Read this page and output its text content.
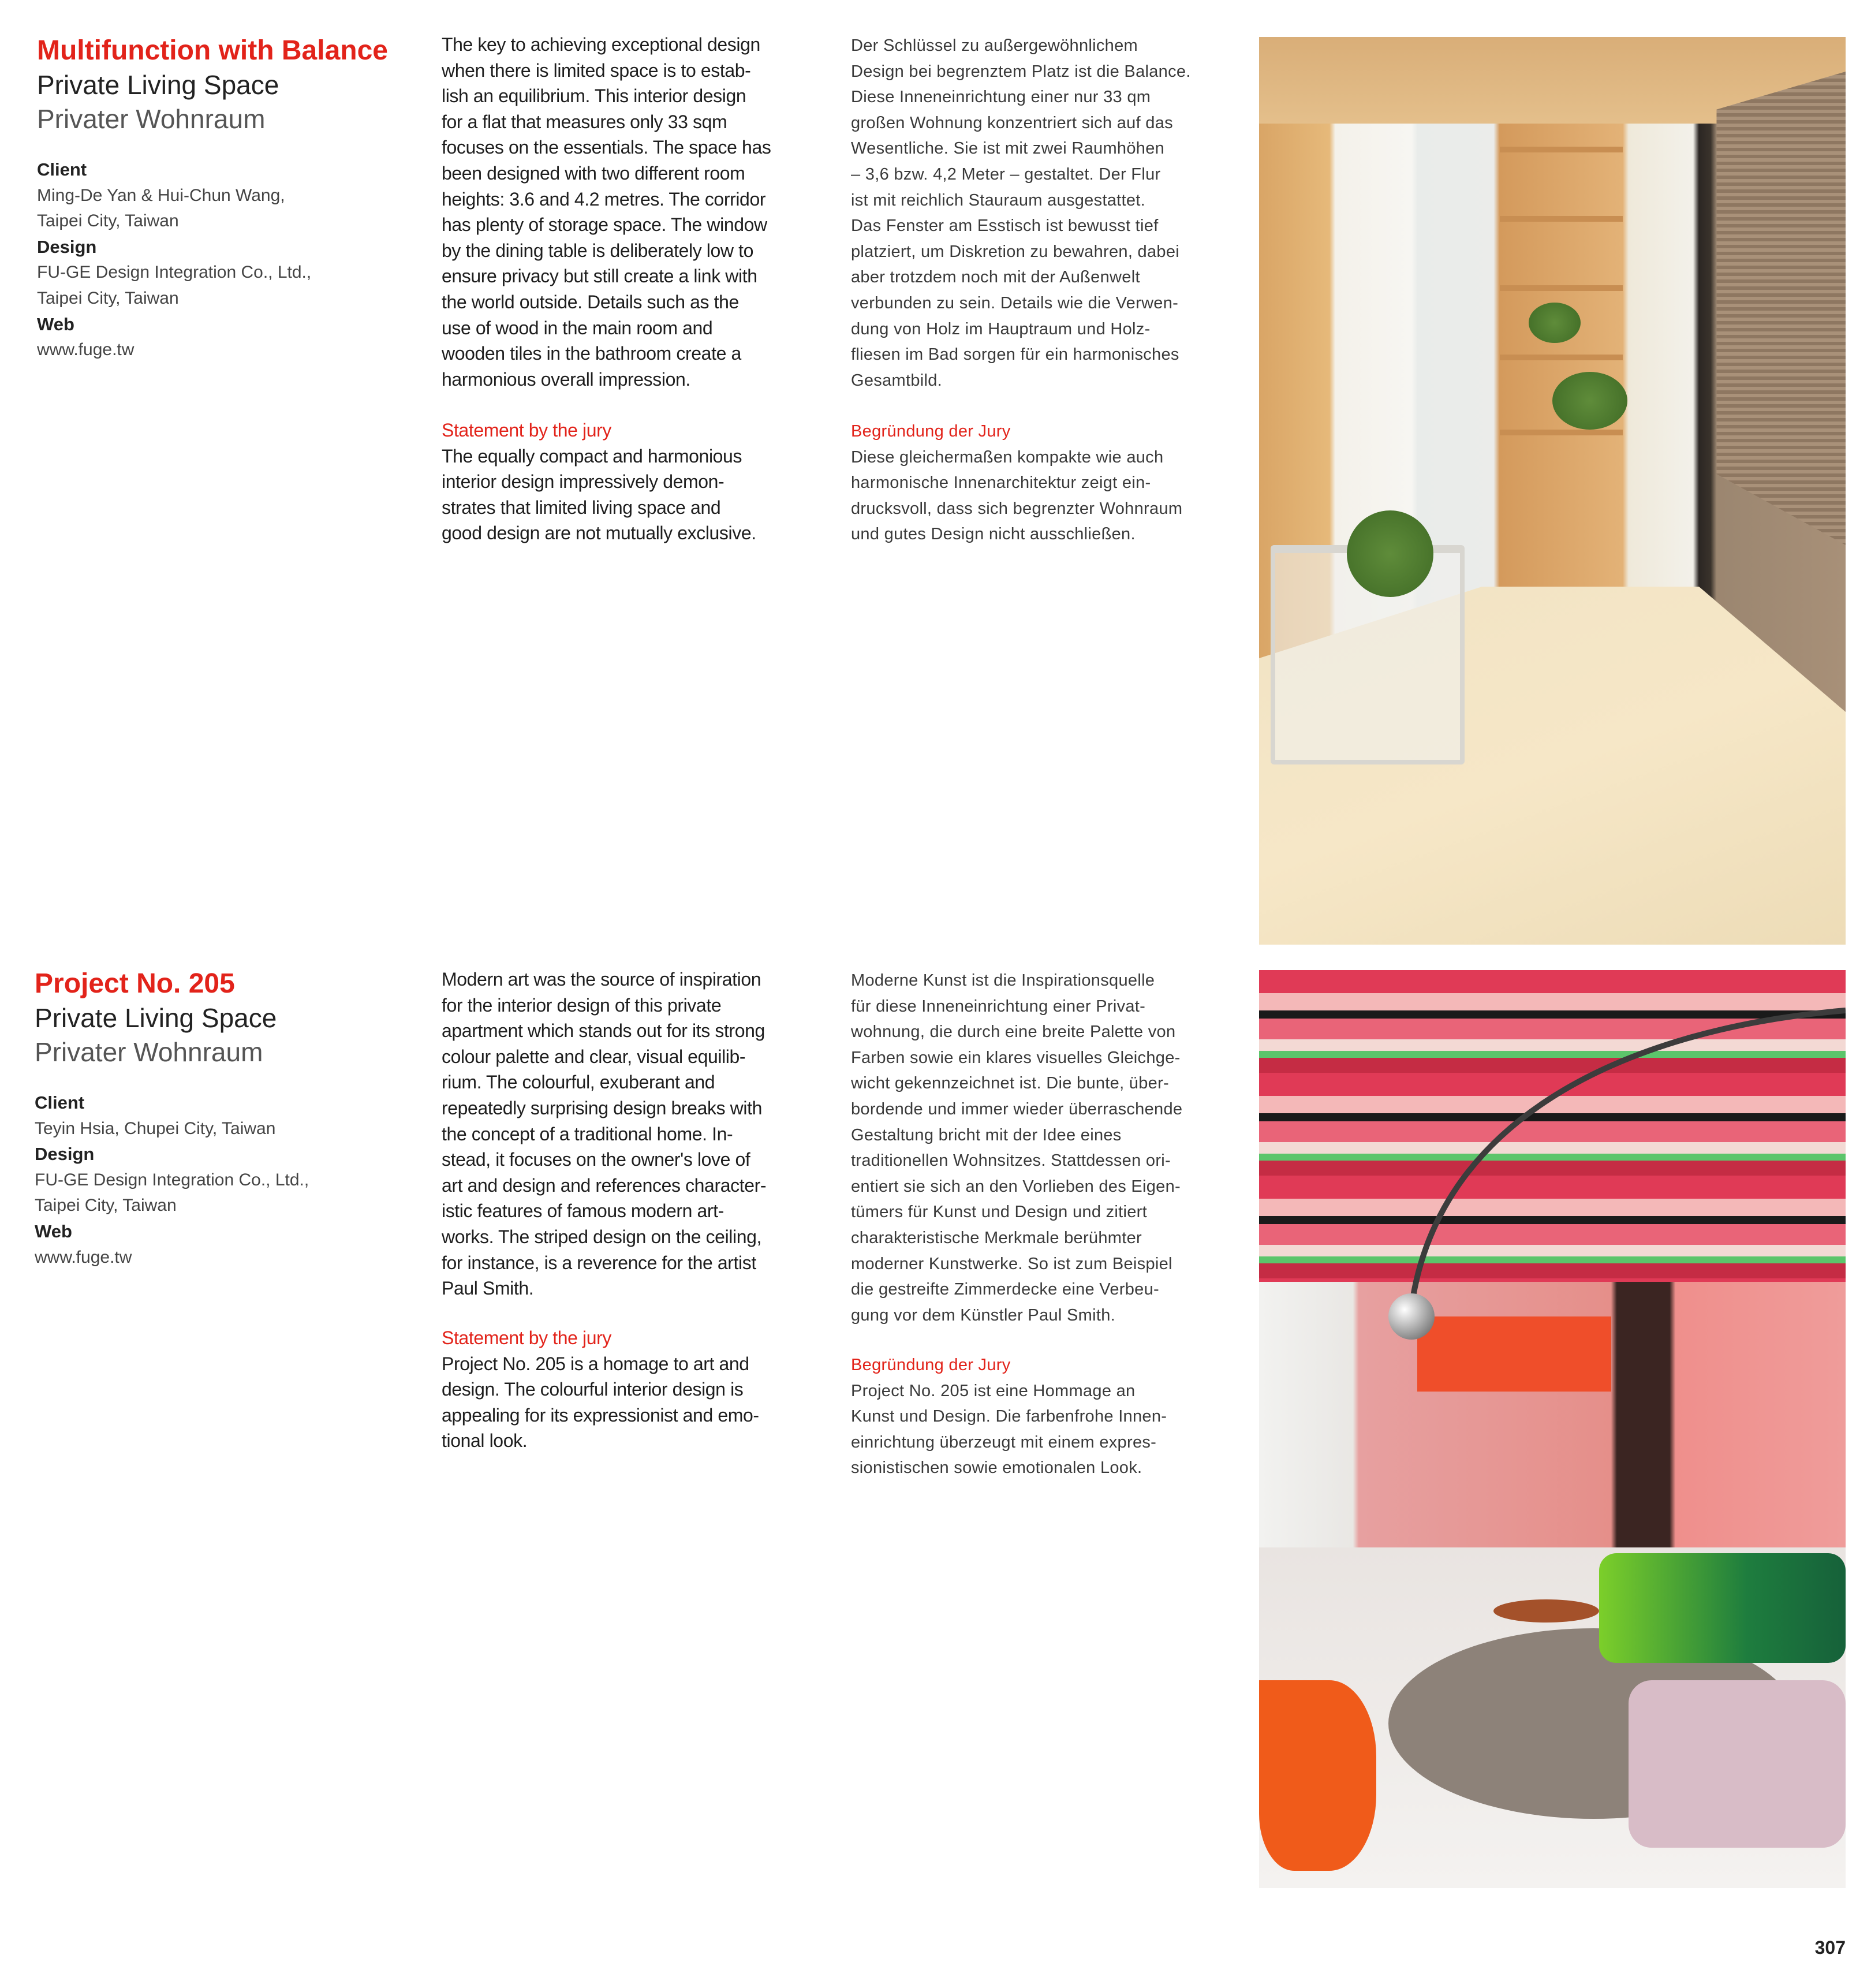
Multifunction with Balance
Private Living Space
Privater Wohnraum
Client
Ming-De Yan & Hui-Chun Wang,
Taipei City, Taiwan
Design
FU-GE Design Integration Co., Ltd.,
Taipei City, Taiwan
Web
www.fuge.tw
The key to achieving exceptional design
when there is limited space is to estab-
lish an equilibrium. This interior design
for a flat that measures only 33 sqm
focuses on the essentials. The space has
been designed with two different room
heights: 3.6 and 4.2 metres. The corridor
has plenty of storage space. The window
by the dining table is deliberately low to
ensure privacy but still create a link with
the world outside. Details such as the
use of wood in the main room and
wooden tiles in the bathroom create a
harmonious overall impression.
Statement by the jury
The equally compact and harmonious
interior design impressively demon-
strates that limited living space and
good design are not mutually exclusive.
Der Schlüssel zu außergewöhnlichem
Design bei begrenztem Platz ist die Balance.
Diese Inneneinrichtung einer nur 33 qm
großen Wohnung konzentriert sich auf das
Wesentliche. Sie ist mit zwei Raumhöhen
– 3,6 bzw. 4,2 Meter – gestaltet. Der Flur
ist mit reichlich Stauraum ausgestattet.
Das Fenster am Esstisch ist bewusst tief
platziert, um Diskretion zu bewahren, dabei
aber trotzdem noch mit der Außenwelt
verbunden zu sein. Details wie die Verwen-
dung von Holz im Hauptraum und Holz-
fliesen im Bad sorgen für ein harmonisches
Gesamtbild.
Begründung der Jury
Diese gleichermaßen kompakte wie auch
harmonische Innenarchitektur zeigt ein-
drucksvoll, dass sich begrenzter Wohnraum
und gutes Design nicht ausschließen.
Project No. 205
Private Living Space
Privater Wohnraum
Client
Teyin Hsia, Chupei City, Taiwan
Design
FU-GE Design Integration Co., Ltd.,
Taipei City, Taiwan
Web
www.fuge.tw
Modern art was the source of inspiration
for the interior design of this private
apartment which stands out for its strong
colour palette and clear, visual equilib-
rium. The colourful, exuberant and
repeatedly surprising design breaks with
the concept of a traditional home. In-
stead, it focuses on the owner's love of
art and design and references character-
istic features of famous modern art-
works. The striped design on the ceiling,
for instance, is a reverence for the artist
Paul Smith.
Statement by the jury
Project No. 205 is a homage to art and
design. The colourful interior design is
appealing for its expressionist and emo-
tional look.
Moderne Kunst ist die Inspirationsquelle
für diese Inneneinrichtung einer Privat-
wohnung, die durch eine breite Palette von
Farben sowie ein klares visuelles Gleichge-
wicht gekennzeichnet ist. Die bunte, über-
bordende und immer wieder überraschende
Gestaltung bricht mit der Idee eines
traditionellen Wohnsitzes. Stattdessen ori-
entiert sie sich an den Vorlieben des Eigen-
tümers für Kunst und Design und zitiert
charakteristische Merkmale berühmter
moderner Kunstwerke. So ist zum Beispiel
die gestreifte Zimmerdecke eine Verbeu-
gung vor dem Künstler Paul Smith.
Begründung der Jury
Project No. 205 ist eine Hommage an
Kunst und Design. Die farbenfrohe Innen-
einrichtung überzeugt mit einem expres-
sionistischen sowie emotionalen Look.
307
